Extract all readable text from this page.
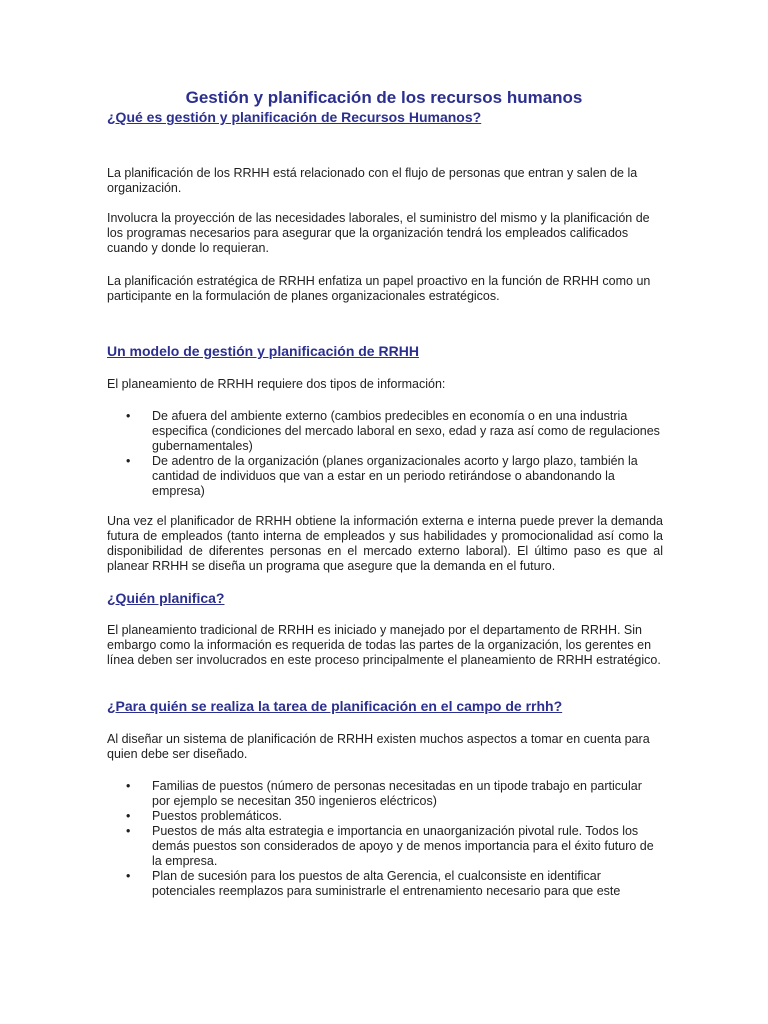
Gestión y planificación de los recursos humanos
¿Qué es gestión y planificación de Recursos Humanos?
La planificación de los RRHH está relacionado con el flujo de personas que entran y salen de la organización.
Involucra la proyección de las necesidades laborales, el suministro del mismo y la planificación de los programas necesarios para asegurar que la organización tendrá los empleados calificados cuando y donde lo requieran.
La planificación estratégica de RRHH enfatiza un papel proactivo en la función de RRHH como un participante en la formulación de planes organizacionales estratégicos.
Un modelo de gestión y planificación de RRHH
El planeamiento de RRHH requiere dos tipos de información:
• De afuera del ambiente externo (cambios predecibles en economía o en una industria especifica (condiciones del mercado laboral en sexo, edad y raza así como de regulaciones gubernamentales)
• De adentro de la organización (planes organizacionales acorto y largo plazo, también la cantidad de individuos que van a estar en un periodo retirándose o abandonando la empresa)
Una vez el planificador de RRHH obtiene la información externa e interna puede prever la demanda futura de empleados (tanto interna de empleados y sus habilidades y promocionalidad así como la disponibilidad de diferentes personas en el mercado externo laboral). El último paso es que al planear RRHH se diseña un programa que asegure que la demanda en el futuro.
¿Quién planifica?
El planeamiento tradicional de RRHH es iniciado y manejado por el departamento de RRHH. Sin embargo como la información es requerida de todas las partes de la organización, los gerentes en línea deben ser involucrados en este proceso principalmente el planeamiento de RRHH estratégico.
¿Para quién se realiza la tarea de planificación en el campo de rrhh?
Al diseñar un sistema de planificación de RRHH existen muchos aspectos a tomar en cuenta para quien debe ser diseñado.
• Familias de puestos (número de personas necesitadas en un tipode trabajo en particular por ejemplo se necesitan 350 ingenieros eléctricos)
• Puestos problemáticos.
• Puestos de más alta estrategia e importancia en unaorganización pivotal rule. Todos los demás puestos son considerados de apoyo y de menos importancia para el éxito futuro de la empresa.
• Plan de sucesión para los puestos de alta Gerencia, el cualconsiste en identificar potenciales reemplazos para suministrarle el entrenamiento necesario para que este
